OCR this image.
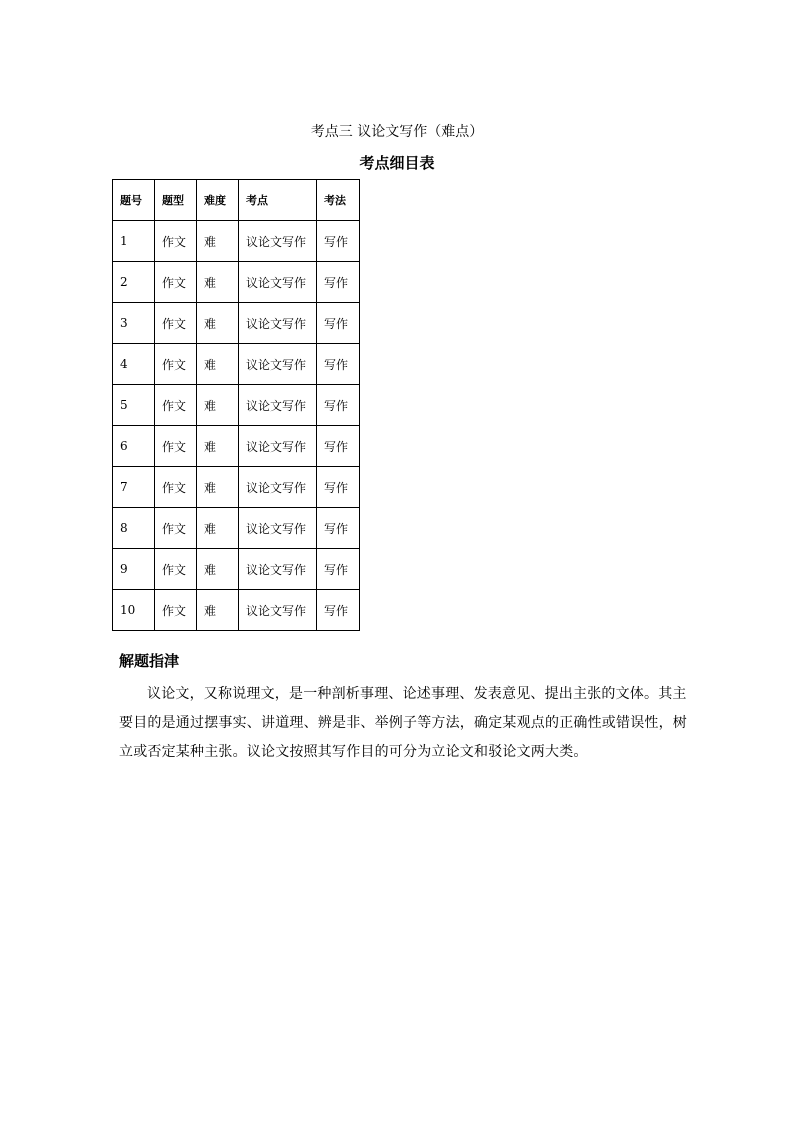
考点三 议论文写作（难点）
考点细目表
题号	题型	难度	考点	考法
1	作文	难	议论文写作	写作
2	作文	难	议论文写作	写作
3	作文	难	议论文写作	写作
4	作文	难	议论文写作	写作
5	作文	难	议论文写作	写作
6	作文	难	议论文写作	写作
7	作文	难	议论文写作	写作
8	作文	难	议论文写作	写作
9	作文	难	议论文写作	写作
10	作文	难	议论文写作	写作
解题指津

议论文，又称说理文，是一种剖析事理、论述事理、发表意见、提出主张的文体。其主要目的是通过摆事实、讲道理、辨是非、举例子等方法，确定某观点的正确性或错误性，树立或否定某种主张。议论文按照其写作目的可分为立论文和驳论文两大类。
